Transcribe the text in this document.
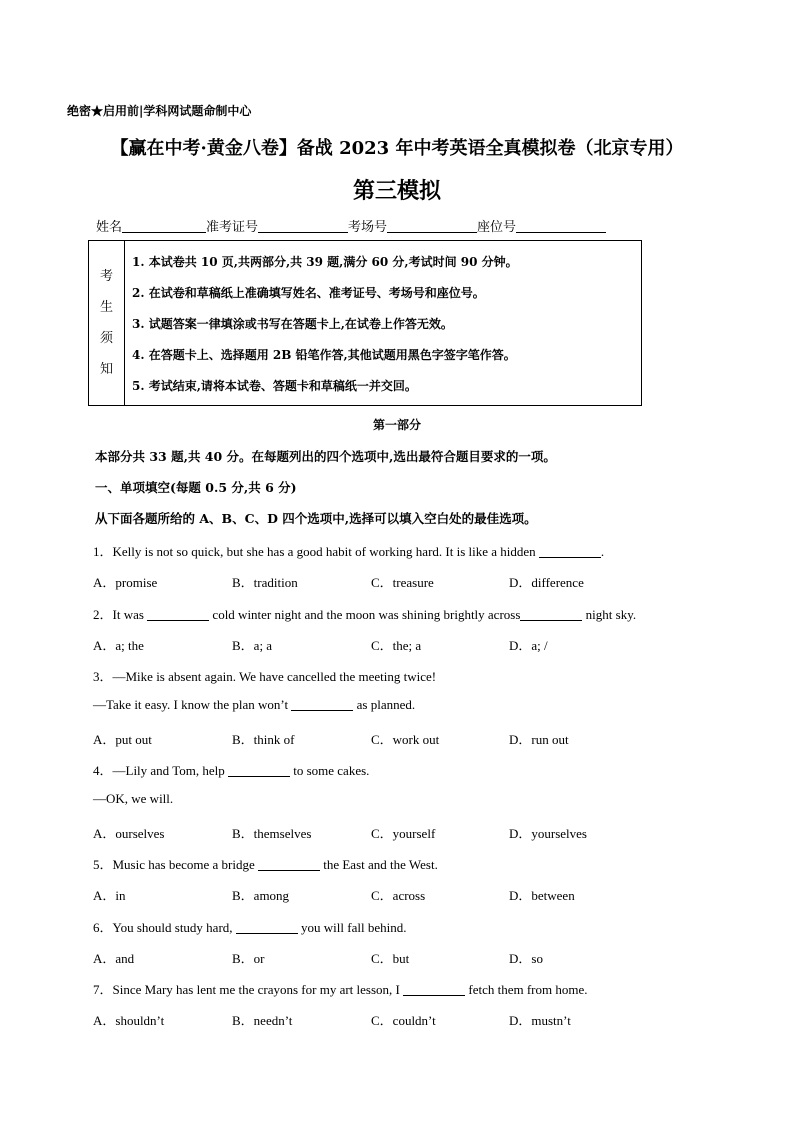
绝密★启用前|学科网试题命制中心
【赢在中考·黄金八卷】备战 2023 年中考英语全真模拟卷（北京专用）
第三模拟
姓名	准考证号	考场号	座位号
考
生
须
知
1. 本试卷共 10 页,共两部分,共 39 题,满分 60 分,考试时间 90 分钟。
2. 在试卷和草稿纸上准确填写姓名、准考证号、考场号和座位号。
3. 试题答案一律填涂或书写在答题卡上,在试卷上作答无效。
4. 在答题卡上、选择题用 2B 铅笔作答,其他试题用黑色字签字笔作答。
5. 考试结束,请将本试卷、答题卡和草稿纸一并交回。
第一部分
本部分共 33 题,共 40 分。在每题列出的四个选项中,选出最符合题目要求的一项。
一、单项填空(每题 0.5 分,共 6 分)
从下面各题所给的 A、B、C、D 四个选项中,选择可以填入空白处的最佳选项。
1．Kelly is not so quick, but she has a good habit of working hard. It is like a hidden	.
A．promise	B．tradition	C．treasure	D．difference
2．It was	cold winter night and the moon was shining brightly across	night sky.
A．a; the	B．a; a	C．the; a	D．a; /
3．—Mike is absent again. We have cancelled the meeting twice!
—Take it easy. I know the plan won’t	as planned.
A．put out	B．think of	C．work out	D．run out
4．—Lily and Tom, help	to some cakes.
—OK, we will.
A．ourselves	B．themselves	C．yourself	D．yourselves
5．Music has become a bridge	the East and the West.
A．in	B．among	C．across	D．between
6．You should study hard,	you will fall behind.
A．and	B．or	C．but	D．so
7．Since Mary has lent me the crayons for my art lesson, I	fetch them from home.
A．shouldn’t	B．needn’t	C．couldn’t	D．mustn’t
